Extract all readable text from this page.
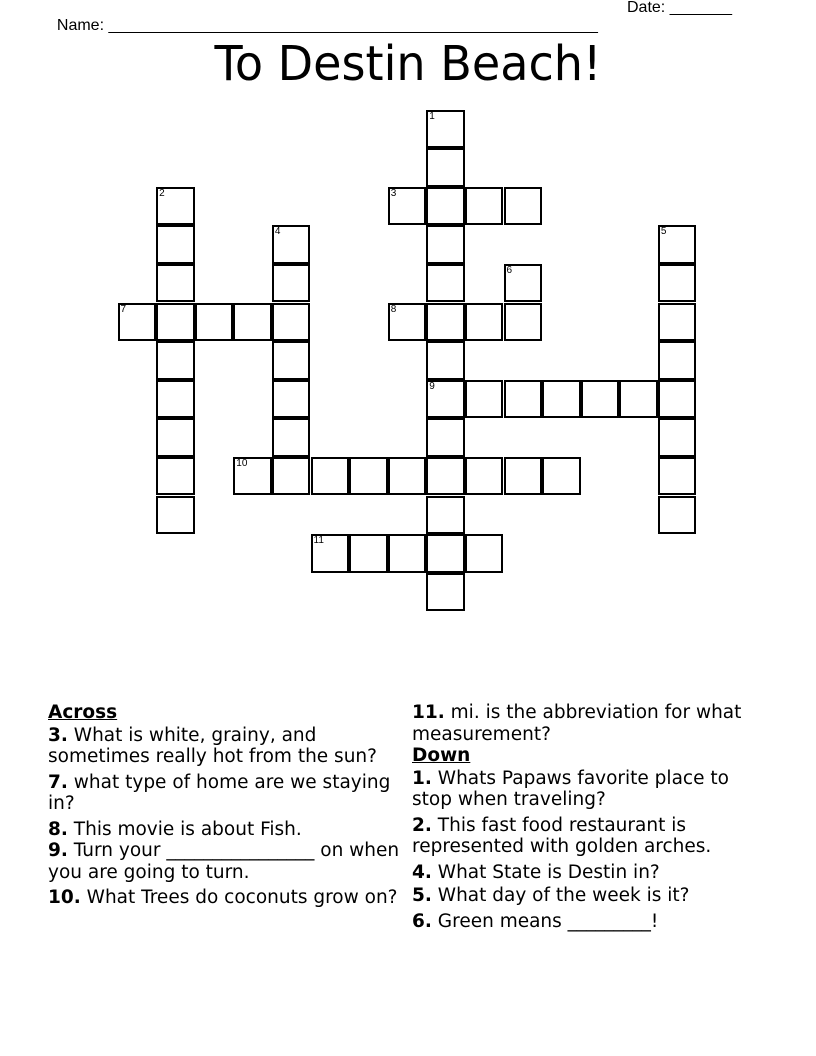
Name: _______________________________________________________

Date: _______

To Destin Beach!
1
9
2	3
4	5
6
7	8
10
11
Across
3. What is white, grainy, and sometimes really hot from the sun?
7. what type of home are we staying in?
8. This movie is about Fish.
9. Turn your ________________ on when you are going to turn.
10. What Trees do coconuts grow on?
11. mi. is the abbreviation for what measurement?
Down
1. Whats Papaws favorite place to stop when traveling?
2. This fast food restaurant is represented with golden arches.
4. What State is Destin in?
5. What day of the week is it?
6. Green means _________!
